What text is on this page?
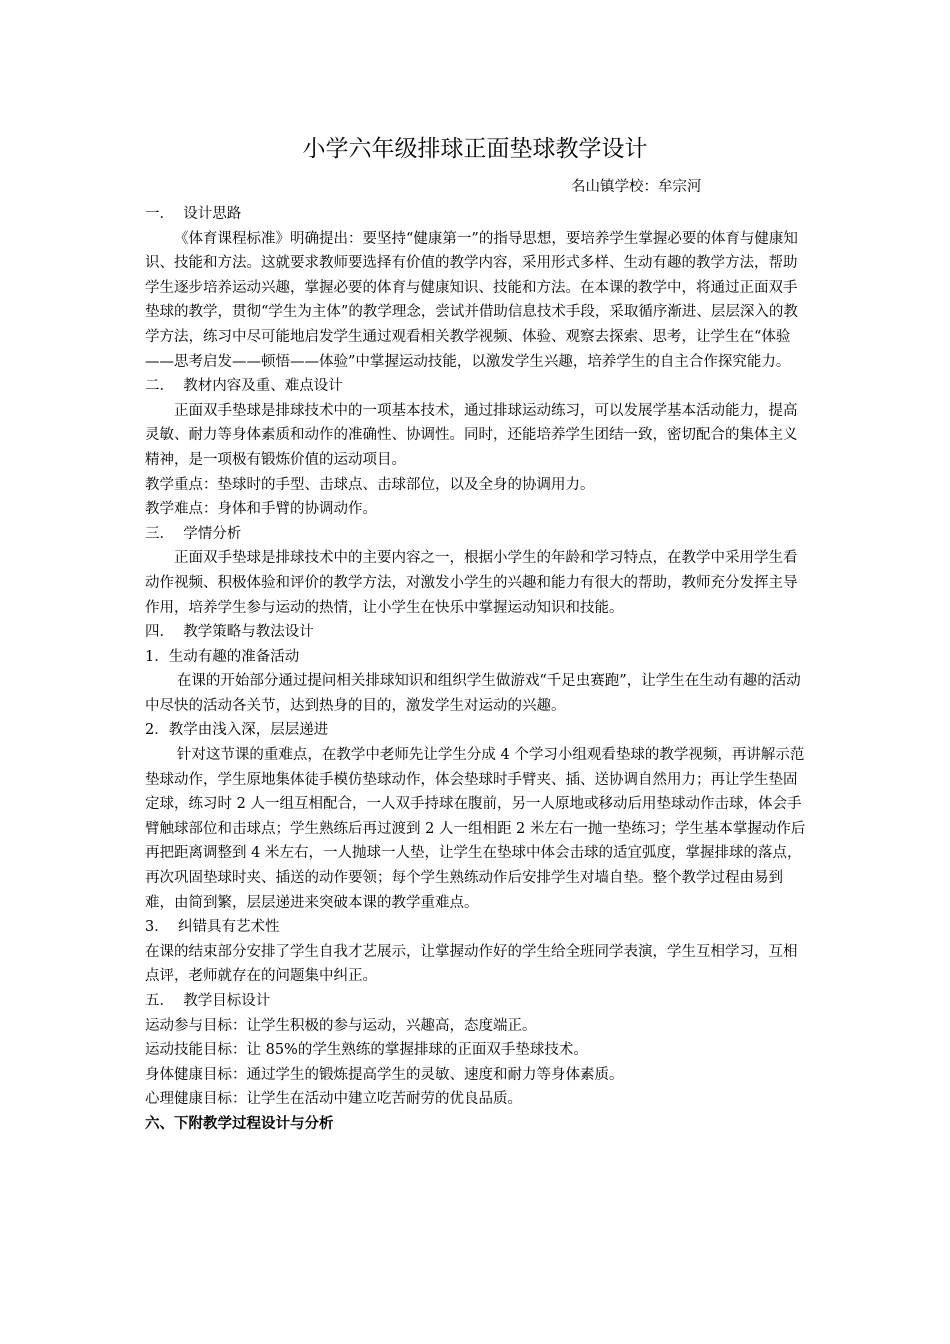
小学六年级排球正面垫球教学设计
名山镇学校：牟宗河

一．  设计思路

《体育课程标准》明确提出：要坚持“健康第一”的指导思想，要培养学生掌握必要的体育与健康知识、技能和方法。这就要求教师要选择有价值的教学内容，采用形式多样、生动有趣的教学方法，帮助学生逐步培养运动兴趣，掌握必要的体育与健康知识、技能和方法。在本课的教学中，将通过正面双手垫球的教学，贯彻“学生为主体”的教学理念，尝试并借助信息技术手段，采取循序渐进、层层深入的教学方法，练习中尽可能地启发学生通过观看相关教学视频、体验、观察去探索、思考，让学生在“体验——思考启发——顿悟——体验”中掌握运动技能，以激发学生兴趣，培养学生的自主合作探究能力。

二．  教材内容及重、难点设计

正面双手垫球是排球技术中的一项基本技术，通过排球运动练习，可以发展学基本活动能力，提高灵敏、耐力等身体素质和动作的准确性、协调性。同时，还能培养学生团结一致，密切配合的集体主义精神，是一项极有锻炼价值的运动项目。

教学重点：垫球时的手型、击球点、击球部位，以及全身的协调用力。

教学难点：身体和手臂的协调动作。

三．  学情分析

正面双手垫球是排球技术中的主要内容之一，根据小学生的年龄和学习特点，在教学中采用学生看动作视频、积极体验和评价的教学方法，对激发小学生的兴趣和能力有很大的帮助，教师充分发挥主导作用，培养学生参与运动的热情，让小学生在快乐中掌握运动知识和技能。

四．  教学策略与教法设计

1．生动有趣的准备活动

在课的开始部分通过提问相关排球知识和组织学生做游戏“千足虫赛跑”，让学生在生动有趣的活动中尽快的活动各关节，达到热身的目的，激发学生对运动的兴趣。

2．教学由浅入深，层层递进

针对这节课的重难点，在教学中老师先让学生分成 4 个学习小组观看垫球的教学视频，再讲解示范垫球动作，学生原地集体徒手模仿垫球动作，体会垫球时手臂夹、插、送协调自然用力；再让学生垫固定球，练习时 2 人一组互相配合，一人双手持球在腹前，另一人原地或移动后用垫球动作击球，体会手臂触球部位和击球点；学生熟练后再过渡到 2 人一组相距 2 米左右一抛一垫练习；学生基本掌握动作后再把距离调整到 4 米左右，一人抛球一人垫，让学生在垫球中体会击球的适宜弧度，掌握排球的落点，再次巩固垫球时夹、插送的动作要领；每个学生熟练动作后安排学生对墙自垫。整个教学过程由易到难，由简到繁，层层递进来突破本课的教学重难点。

3．  纠错具有艺术性

在课的结束部分安排了学生自我才艺展示，让掌握动作好的学生给全班同学表演，学生互相学习，互相点评，老师就存在的问题集中纠正。

五．  教学目标设计

运动参与目标：让学生积极的参与运动，兴趣高，态度端正。

运动技能目标：让 85%的学生熟练的掌握排球的正面双手垫球技术。

身体健康目标：通过学生的锻炼提高学生的灵敏、速度和耐力等身体素质。

心理健康目标：让学生在活动中建立吃苦耐劳的优良品质。

六、下附教学过程设计与分析
